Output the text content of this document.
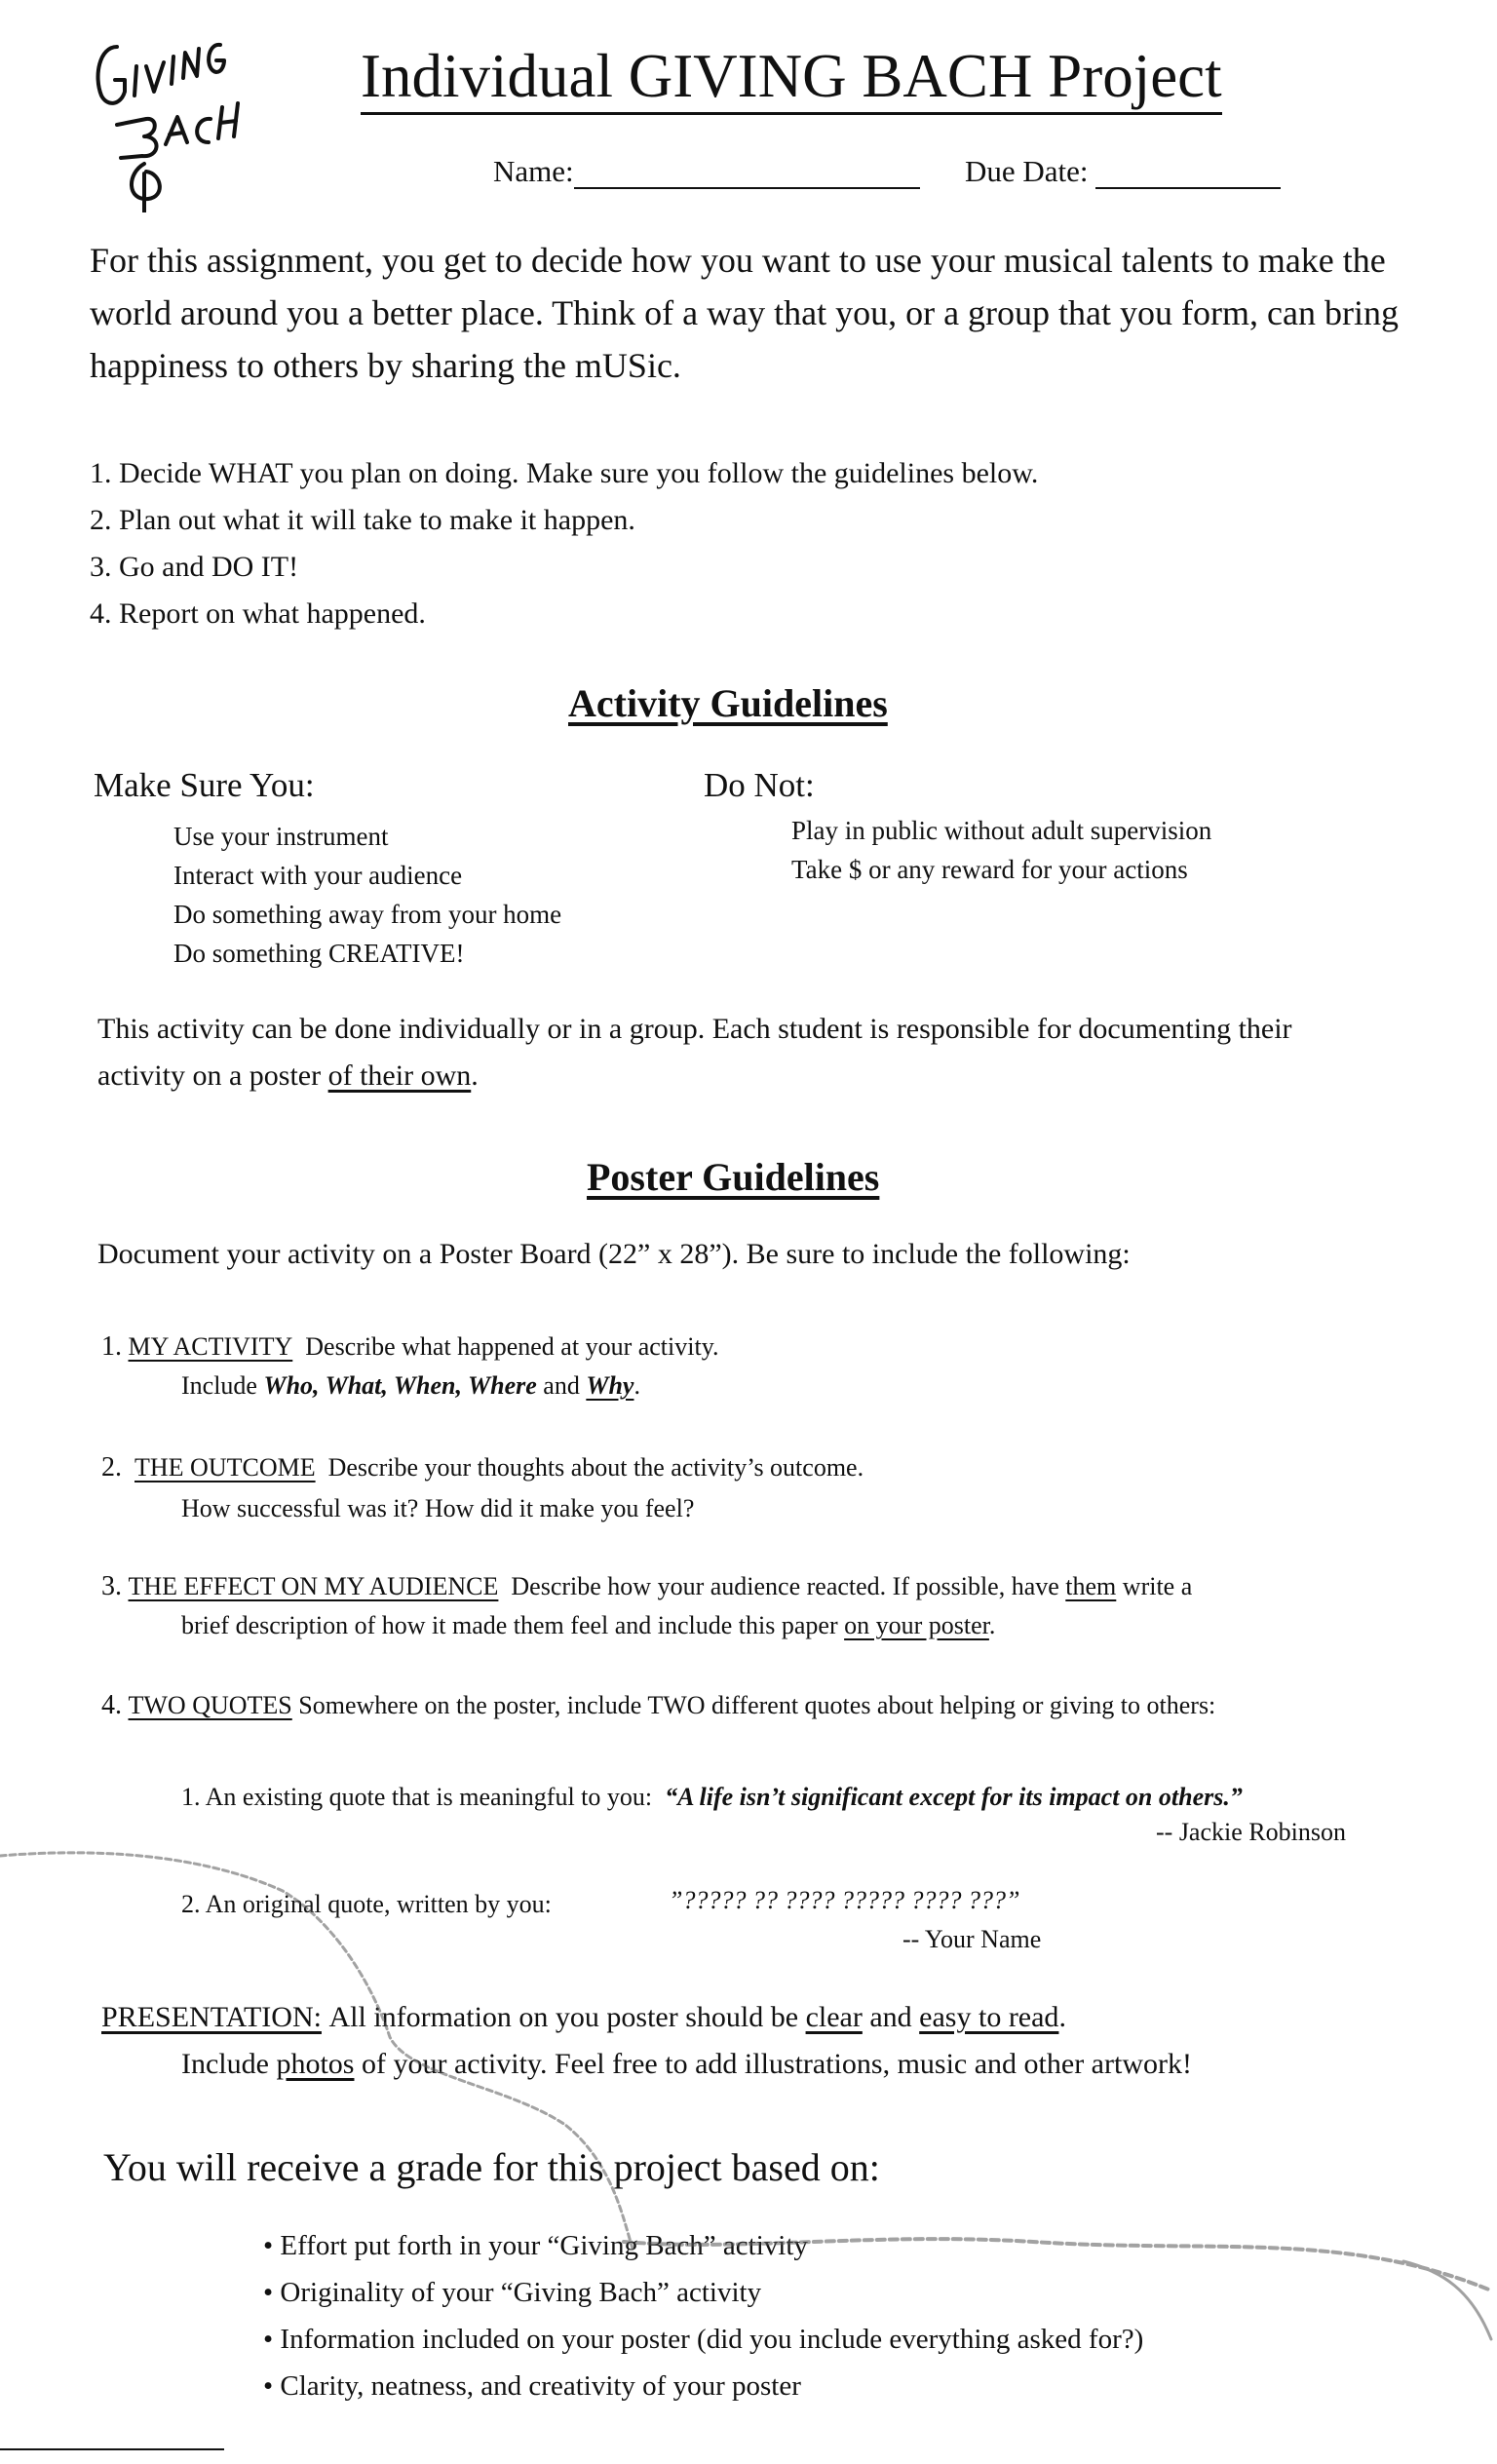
GIVING BACH
Individual GIVING BACH Project
Name:	Due Date:
For this assignment, you get to decide how you want to use your musical talents to make the world around you a better place. Think of a way that you, or a group that you form, can bring happiness to others by sharing the mUSic.
1. Decide WHAT you plan on doing. Make sure you follow the guidelines below.
2. Plan out what it will take to make it happen.
3. Go and DO IT!
4. Report on what happened.
Activity Guidelines
Make Sure You:	Do Not:
Use your instrument
Interact with your audience
Do something away from your home
Do something CREATIVE!
Play in public without adult supervision
Take $ or any reward for your actions
This activity can be done individually or in a group. Each student is responsible for documenting their activity on a poster of their own.
Poster Guidelines
Document your activity on a Poster Board (22” x 28”). Be sure to include the following:
1. MY ACTIVITY Describe what happened at your activity.
Include Who, What, When, Where and Why.
2. THE OUTCOME Describe your thoughts about the activity’s outcome.
How successful was it? How did it make you feel?
3. THE EFFECT ON MY AUDIENCE Describe how your audience reacted. If possible, have them write a
brief description of how it made them feel and include this paper on your poster.
4. TWO QUOTES Somewhere on the poster, include TWO different quotes about helping or giving to others:
1. An existing quote that is meaningful to you: “A life isn’t significant except for its impact on others.”
-- Jackie Robinson
2. An original quote, written by you:	”????? ?? ???? ????? ???? ???”
-- Your Name
PRESENTATION: All information on you poster should be clear and easy to read.
Include photos of your activity. Feel free to add illustrations, music and other artwork!
You will receive a grade for this project based on:
• Effort put forth in your “Giving Bach” activity
• Originality of your “Giving Bach” activity
• Information included on your poster (did you include everything asked for?)
• Clarity, neatness, and creativity of your poster
